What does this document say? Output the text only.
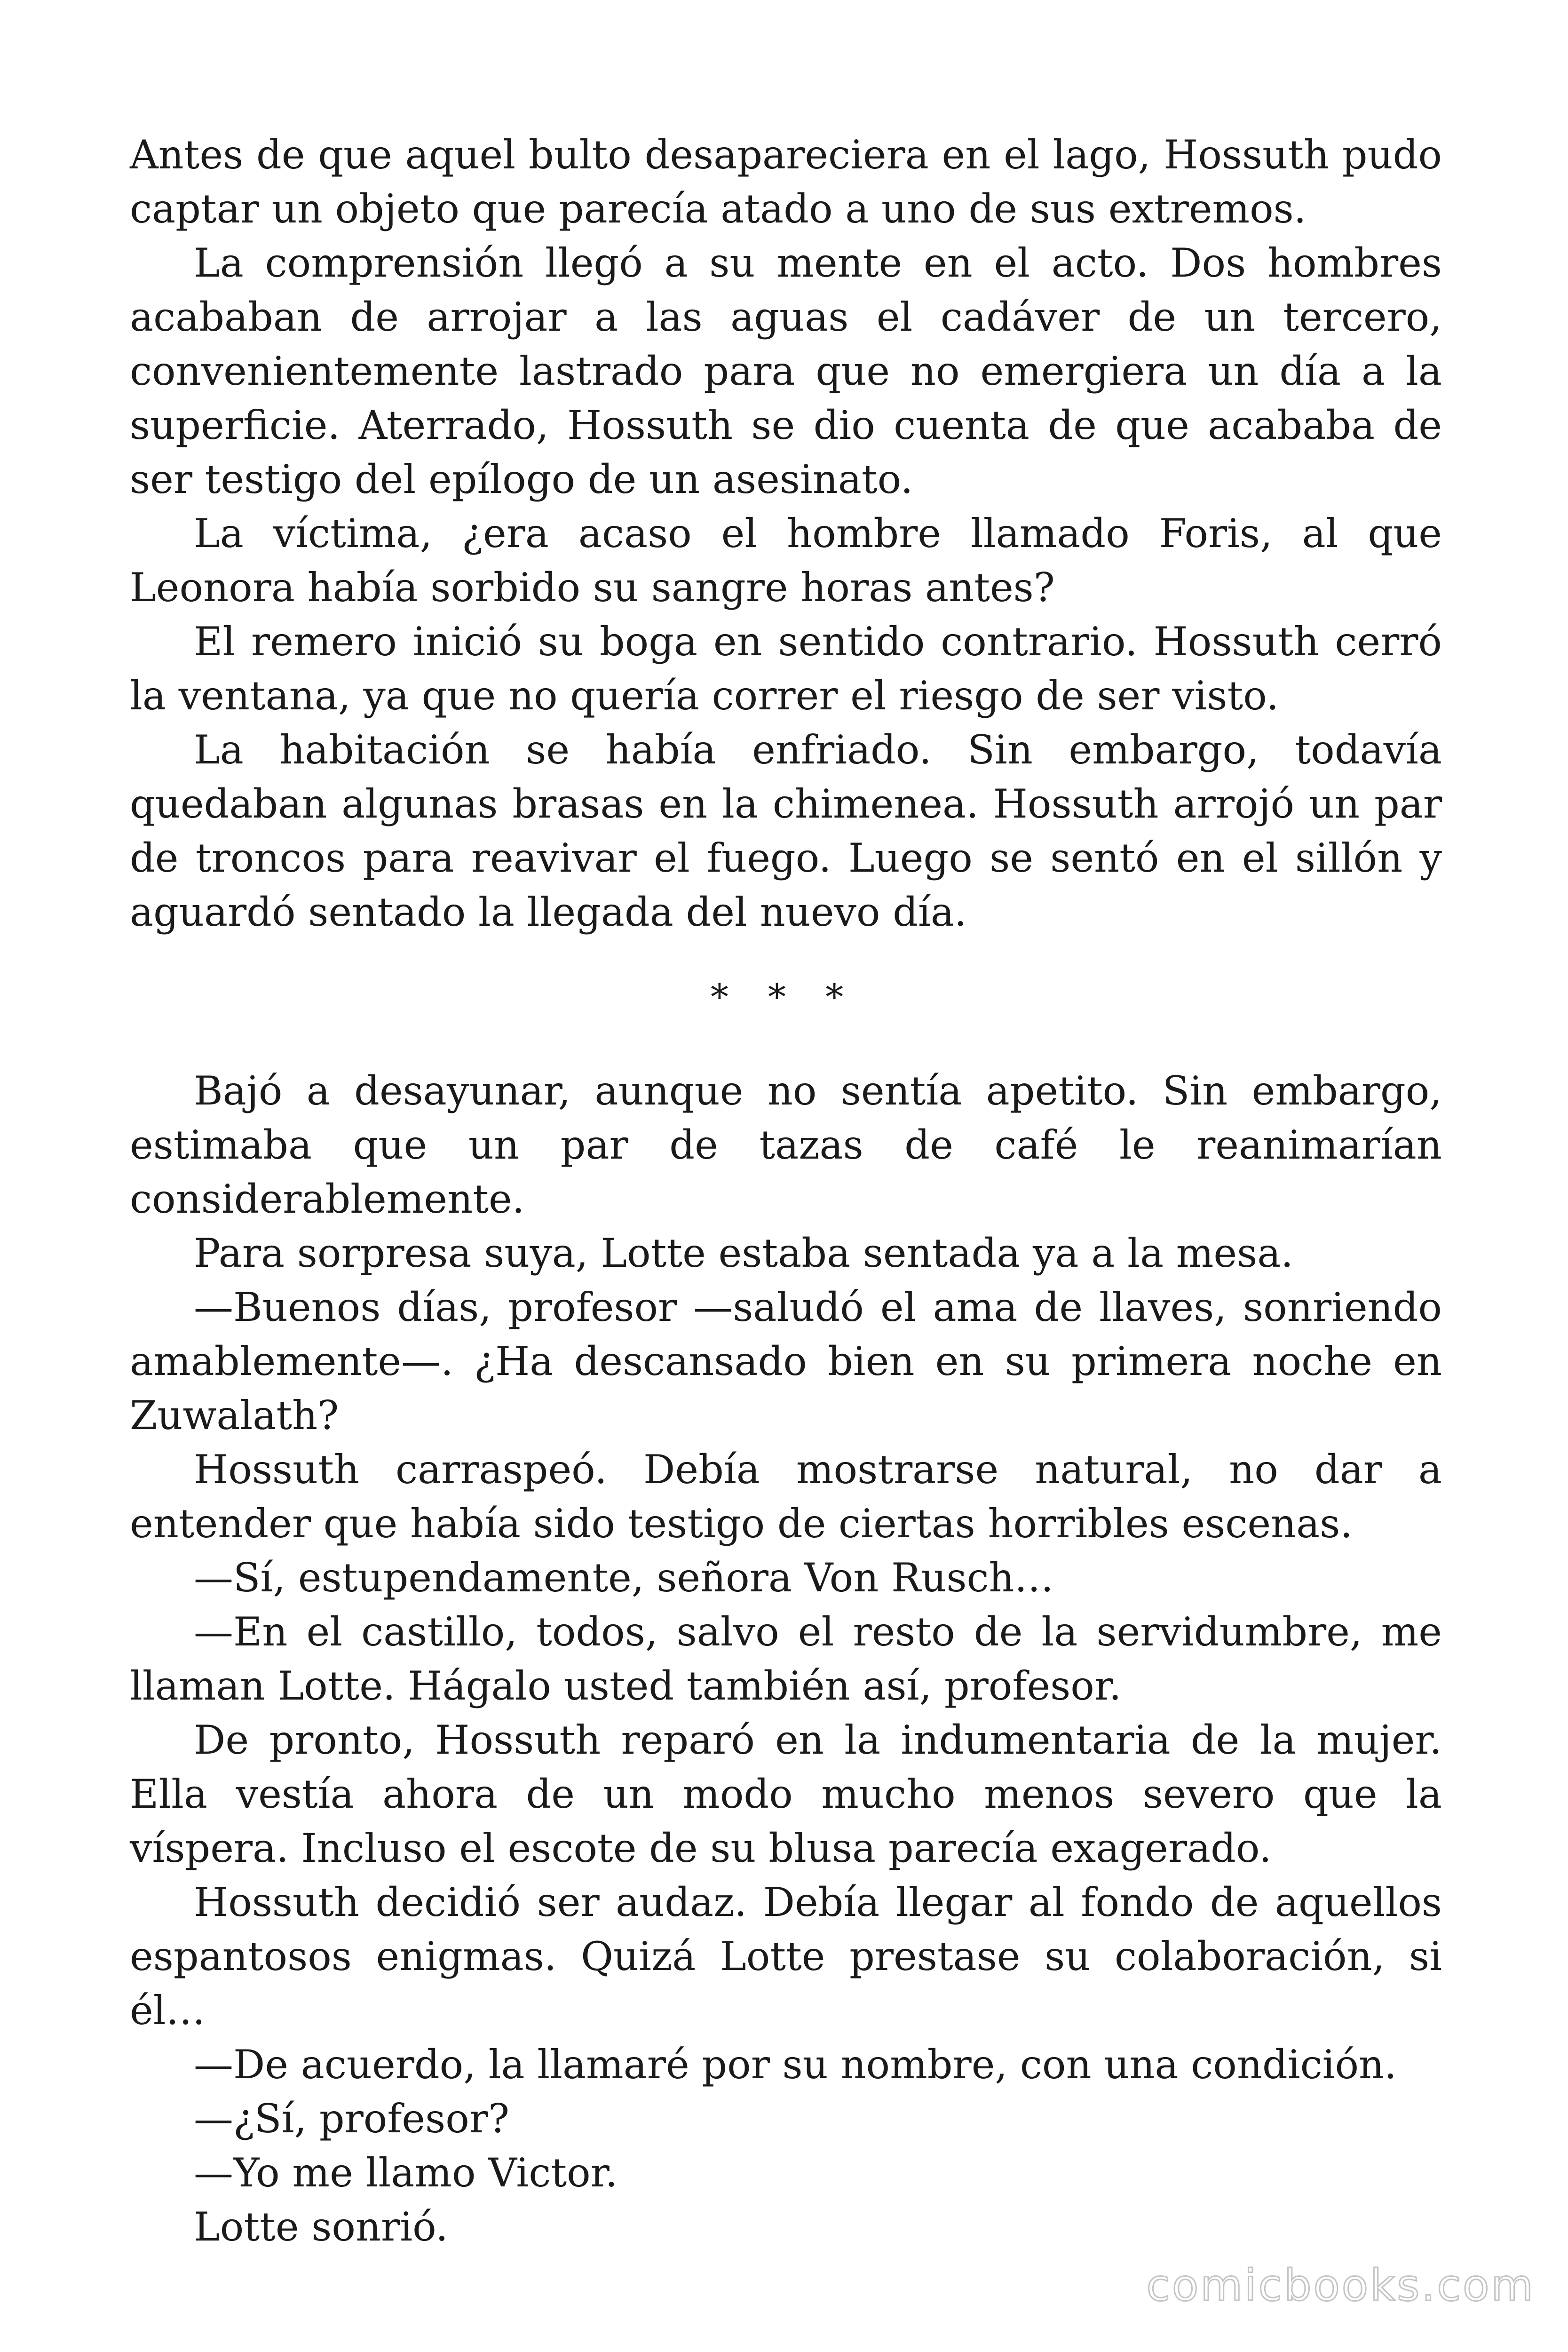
Antes de que aquel bulto desapareciera en el lago, Hossuth pudo captar un objeto que parecía atado a uno de sus extremos.

La comprensión llegó a su mente en el acto. Dos hombres acababan de arrojar a las aguas el cadáver de un tercero, convenientemente lastrado para que no emergiera un día a la superficie. Aterrado, Hossuth se dio cuenta de que acababa de ser testigo del epílogo de un asesinato.

La víctima, ¿era acaso el hombre llamado Foris, al que Leonora había sorbido su sangre horas antes?

El remero inició su boga en sentido contrario. Hossuth cerró la ventana, ya que no quería correr el riesgo de ser visto.

La habitación se había enfriado. Sin embargo, todavía quedaban algunas brasas en la chimenea. Hossuth arrojó un par de troncos para reavivar el fuego. Luego se sentó en el sillón y aguardó sentado la llegada del nuevo día.

* * *

Bajó a desayunar, aunque no sentía apetito. Sin embargo, estimaba que un par de tazas de café le reanimarían considerablemente.

Para sorpresa suya, Lotte estaba sentada ya a la mesa.

—Buenos días, profesor —saludó el ama de llaves, sonriendo amablemente—. ¿Ha descansado bien en su primera noche en Zuwalath?

Hossuth carraspeó. Debía mostrarse natural, no dar a entender que había sido testigo de ciertas horribles escenas.

—Sí, estupendamente, señora Von Rusch…

—En el castillo, todos, salvo el resto de la servidumbre, me llaman Lotte. Hágalo usted también así, profesor.

De pronto, Hossuth reparó en la indumentaria de la mujer. Ella vestía ahora de un modo mucho menos severo que la víspera. Incluso el escote de su blusa parecía exagerado.

Hossuth decidió ser audaz. Debía llegar al fondo de aquellos espantosos enigmas. Quizá Lotte prestase su colaboración, si él…

—De acuerdo, la llamaré por su nombre, con una condición.

—¿Sí, profesor?

—Yo me llamo Victor.

Lotte sonrió.

comicbooks.com
